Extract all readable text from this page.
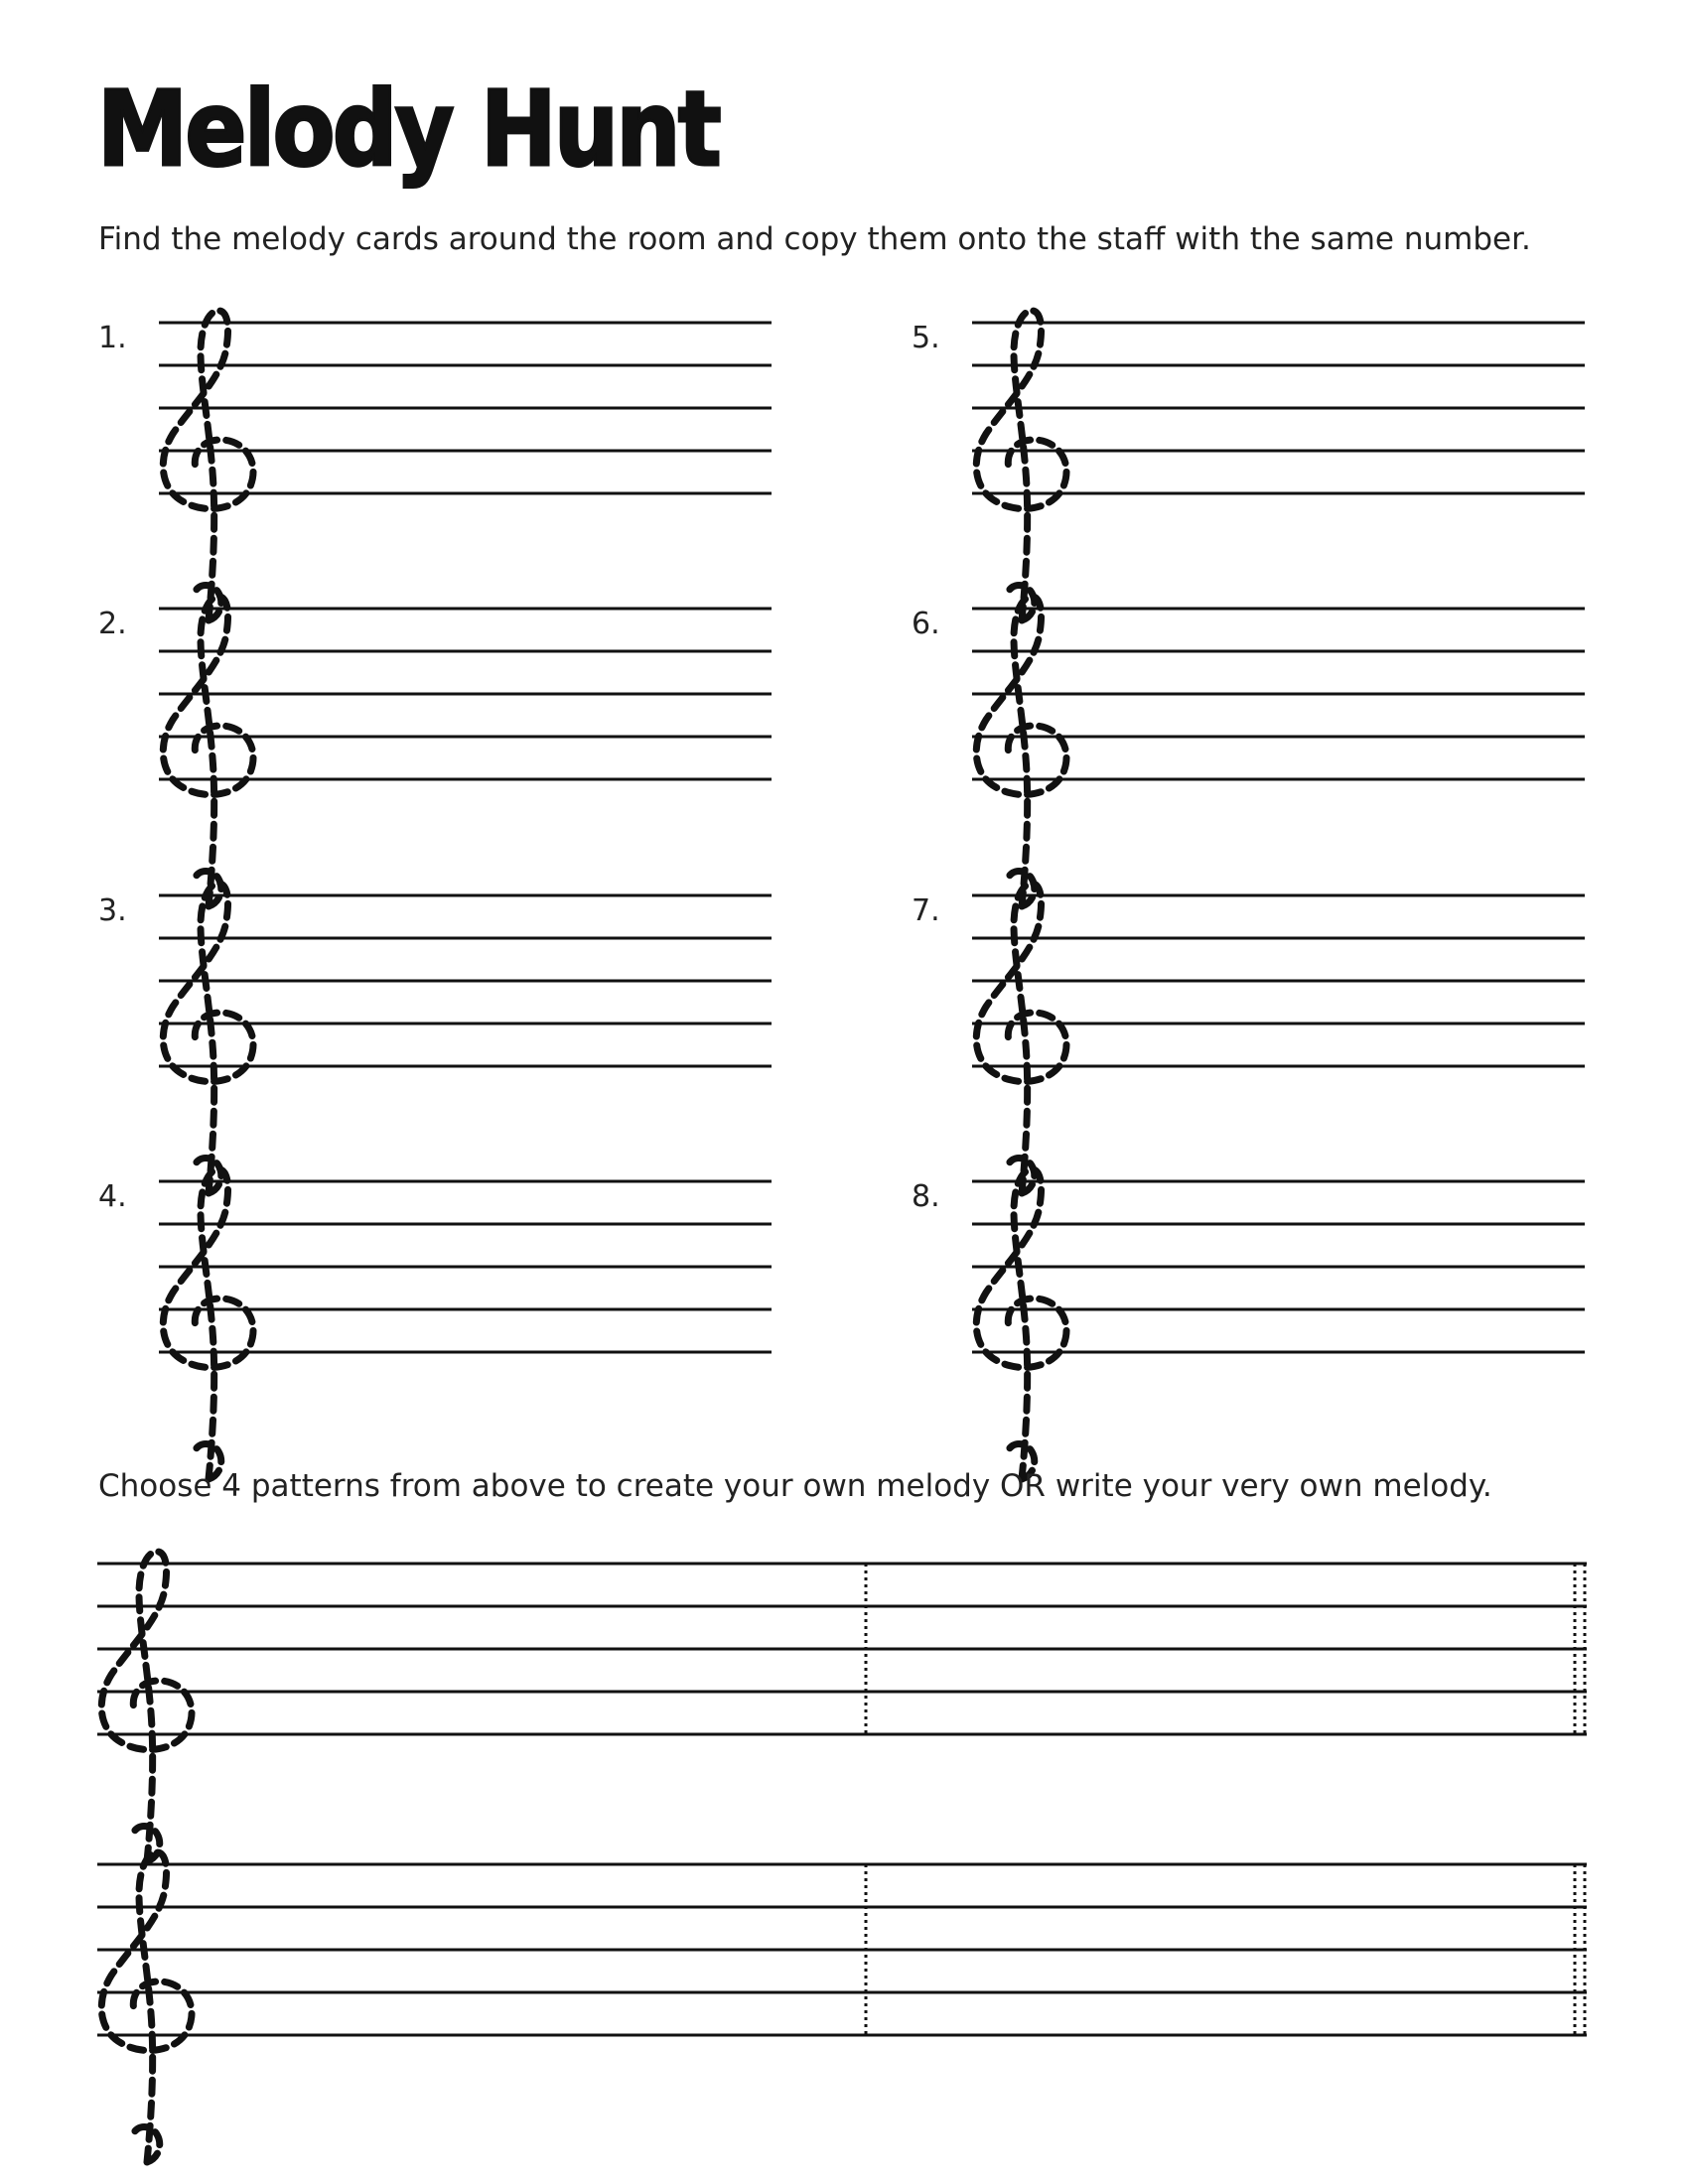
Melody Hunt
Find the melody cards around the room and copy them onto the staff with the same number.
1.
2.
3.
4.
5.
6.
7.
8.
Choose 4 patterns from above to create your own melody OR write your very own melody.
